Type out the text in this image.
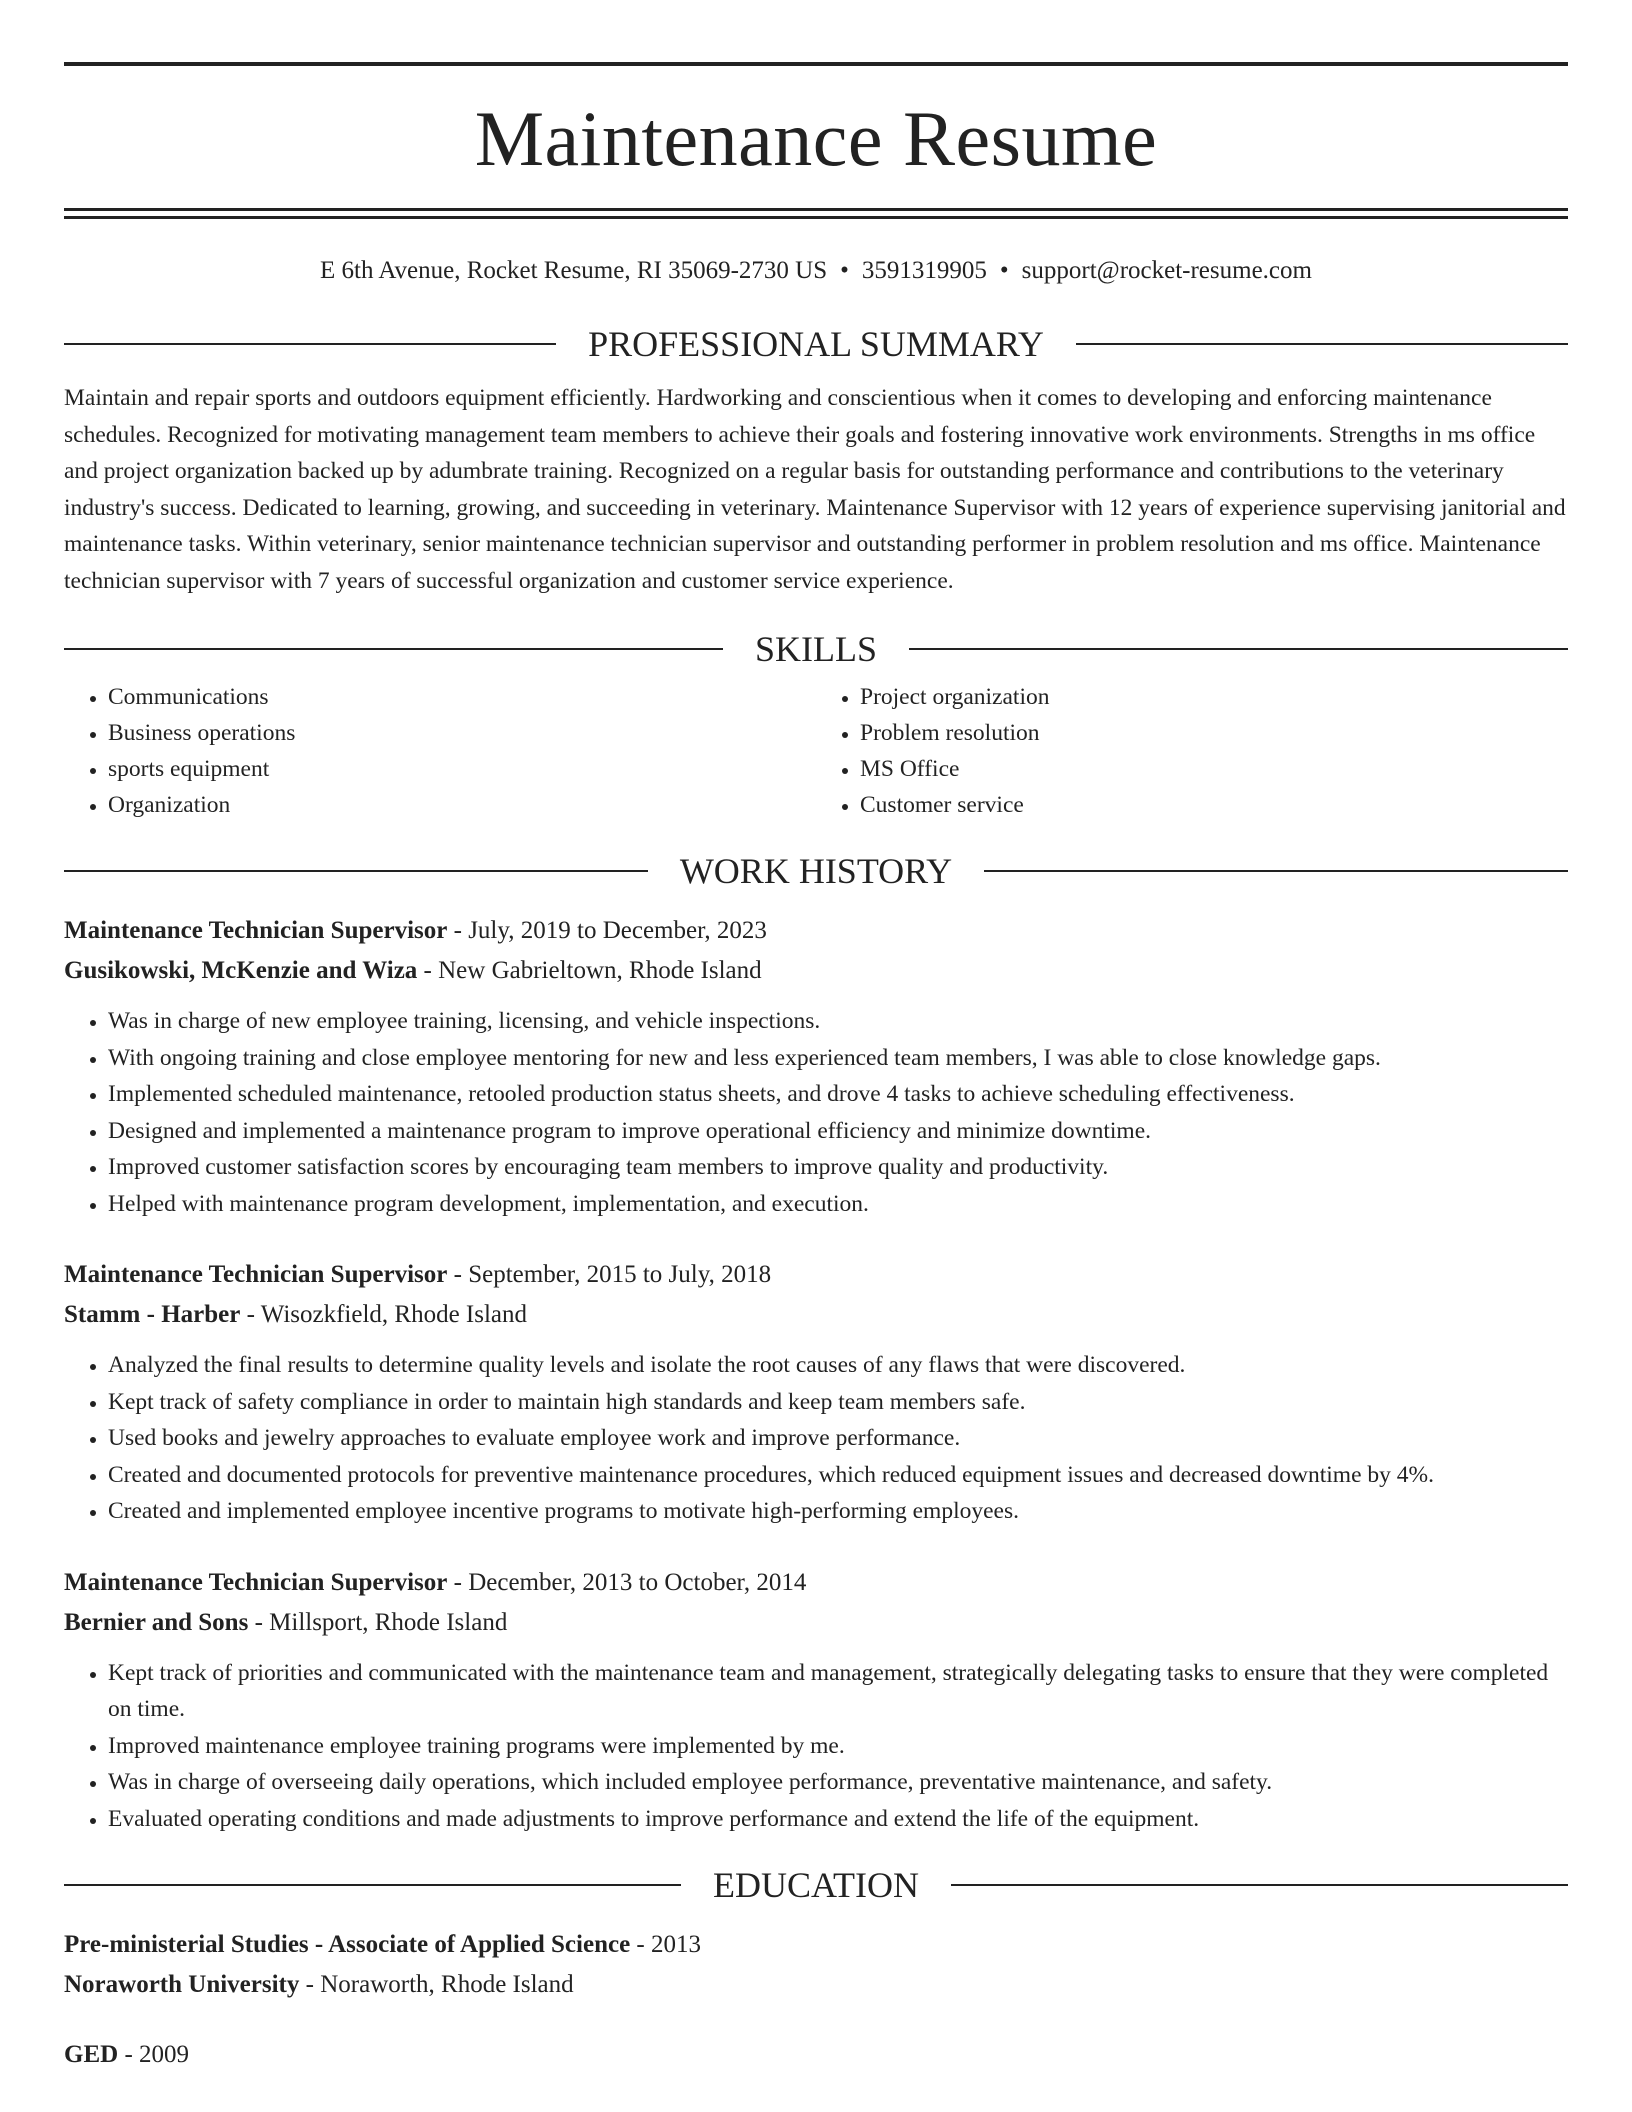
Maintenance Resume
E 6th Avenue, Rocket Resume, RI 35069-2730 US • 3591319905 • support@rocket-resume.com
PROFESSIONAL SUMMARY
Maintain and repair sports and outdoors equipment efficiently. Hardworking and conscientious when it comes to developing and enforcing maintenance schedules. Recognized for motivating management team members to achieve their goals and fostering innovative work environments. Strengths in ms office and project organization backed up by adumbrate training. Recognized on a regular basis for outstanding performance and contributions to the veterinary industry's success. Dedicated to learning, growing, and succeeding in veterinary. Maintenance Supervisor with 12 years of experience supervising janitorial and maintenance tasks. Within veterinary, senior maintenance technician supervisor and outstanding performer in problem resolution and ms office. Maintenance technician supervisor with 7 years of successful organization and customer service experience.
SKILLS
• Communications
• Business operations
• sports equipment
• Organization
• Project organization
• Problem resolution
• MS Office
• Customer service
WORK HISTORY
Maintenance Technician Supervisor - July, 2019 to December, 2023
Gusikowski, McKenzie and Wiza - New Gabrieltown, Rhode Island
• Was in charge of new employee training, licensing, and vehicle inspections.
• With ongoing training and close employee mentoring for new and less experienced team members, I was able to close knowledge gaps.
• Implemented scheduled maintenance, retooled production status sheets, and drove 4 tasks to achieve scheduling effectiveness.
• Designed and implemented a maintenance program to improve operational efficiency and minimize downtime.
• Improved customer satisfaction scores by encouraging team members to improve quality and productivity.
• Helped with maintenance program development, implementation, and execution.
Maintenance Technician Supervisor - September, 2015 to July, 2018
Stamm - Harber - Wisozkfield, Rhode Island
• Analyzed the final results to determine quality levels and isolate the root causes of any flaws that were discovered.
• Kept track of safety compliance in order to maintain high standards and keep team members safe.
• Used books and jewelry approaches to evaluate employee work and improve performance.
• Created and documented protocols for preventive maintenance procedures, which reduced equipment issues and decreased downtime by 4%.
• Created and implemented employee incentive programs to motivate high-performing employees.
Maintenance Technician Supervisor - December, 2013 to October, 2014
Bernier and Sons - Millsport, Rhode Island
• Kept track of priorities and communicated with the maintenance team and management, strategically delegating tasks to ensure that they were completed on time.
• Improved maintenance employee training programs were implemented by me.
• Was in charge of overseeing daily operations, which included employee performance, preventative maintenance, and safety.
• Evaluated operating conditions and made adjustments to improve performance and extend the life of the equipment.
EDUCATION
Pre-ministerial Studies - Associate of Applied Science - 2013
Noraworth University - Noraworth, Rhode Island
GED - 2009
